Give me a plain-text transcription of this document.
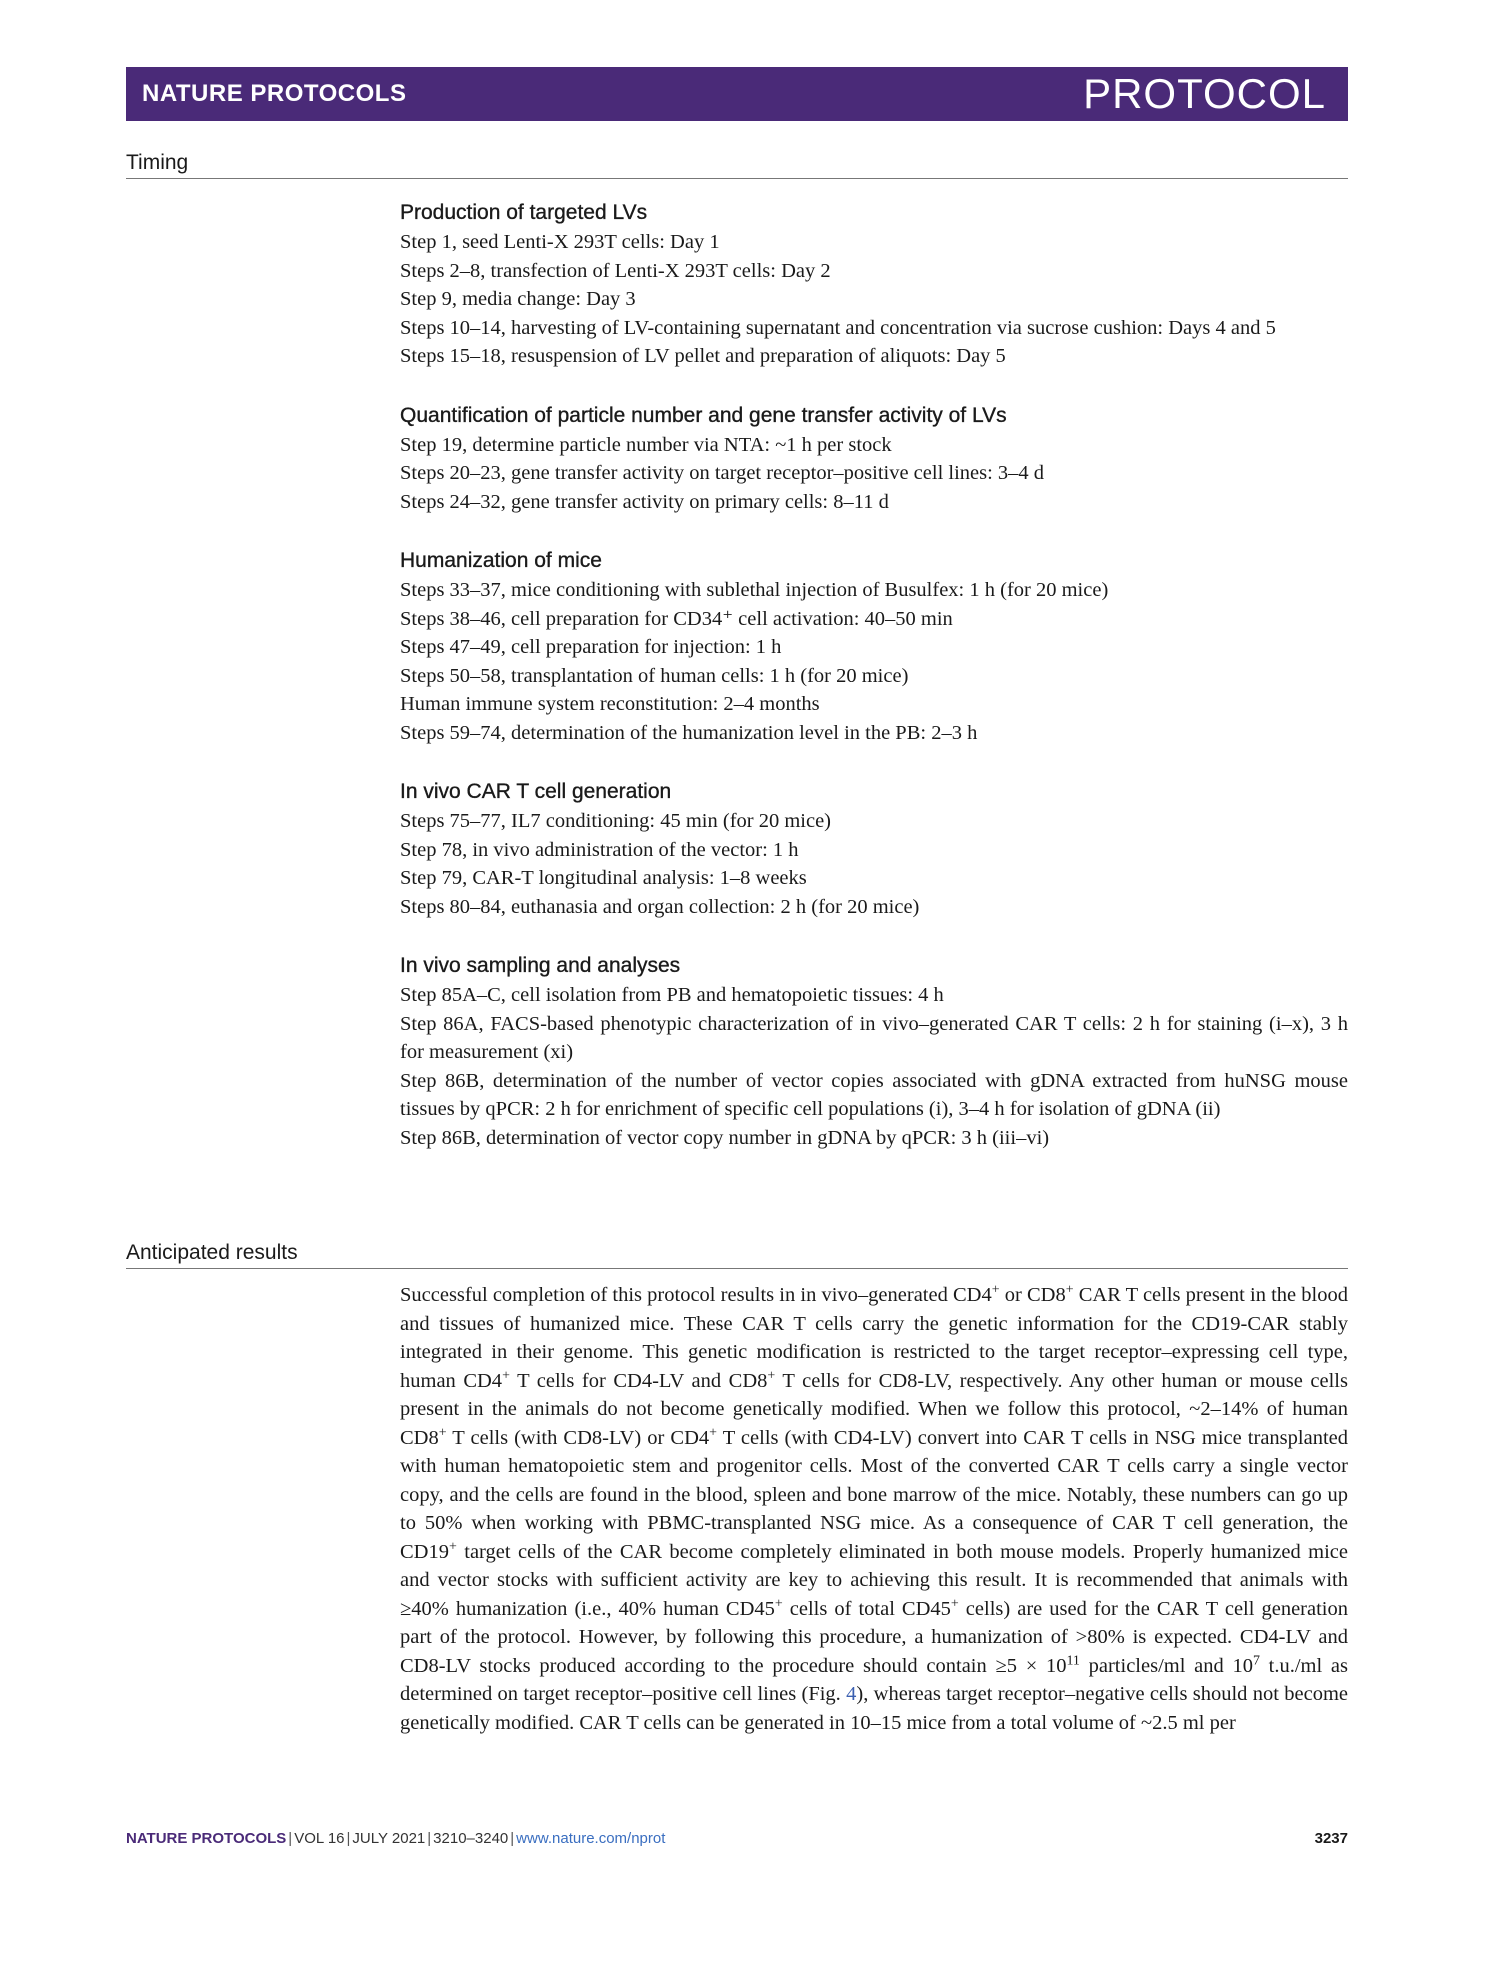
NATURE PROTOCOLS	PROTOCOL
Timing
Production of targeted LVs
Step 1, seed Lenti-X 293T cells: Day 1
Steps 2–8, transfection of Lenti-X 293T cells: Day 2
Step 9, media change: Day 3
Steps 10–14, harvesting of LV-containing supernatant and concentration via sucrose cushion: Days 4 and 5
Steps 15–18, resuspension of LV pellet and preparation of aliquots: Day 5
Quantification of particle number and gene transfer activity of LVs
Step 19, determine particle number via NTA: ~1 h per stock
Steps 20–23, gene transfer activity on target receptor–positive cell lines: 3–4 d
Steps 24–32, gene transfer activity on primary cells: 8–11 d
Humanization of mice
Steps 33–37, mice conditioning with sublethal injection of Busulfex: 1 h (for 20 mice)
Steps 38–46, cell preparation for CD34⁺ cell activation: 40–50 min
Steps 47–49, cell preparation for injection: 1 h
Steps 50–58, transplantation of human cells: 1 h (for 20 mice)
Human immune system reconstitution: 2–4 months
Steps 59–74, determination of the humanization level in the PB: 2–3 h
In vivo CAR T cell generation
Steps 75–77, IL7 conditioning: 45 min (for 20 mice)
Step 78, in vivo administration of the vector: 1 h
Step 79, CAR-T longitudinal analysis: 1–8 weeks
Steps 80–84, euthanasia and organ collection: 2 h (for 20 mice)
In vivo sampling and analyses
Step 85A–C, cell isolation from PB and hematopoietic tissues: 4 h
Step 86A, FACS-based phenotypic characterization of in vivo–generated CAR T cells: 2 h for staining (i–x), 3 h for measurement (xi)
Step 86B, determination of the number of vector copies associated with gDNA extracted from huNSG mouse tissues by qPCR: 2 h for enrichment of specific cell populations (i), 3–4 h for isolation of gDNA (ii)
Step 86B, determination of vector copy number in gDNA by qPCR: 3 h (iii–vi)
Anticipated results

Successful completion of this protocol results in in vivo–generated CD4+ or CD8+ CAR T cells present in the blood and tissues of humanized mice. These CAR T cells carry the genetic information for the CD19-CAR stably integrated in their genome. This genetic modification is restricted to the target receptor–expressing cell type, human CD4+ T cells for CD4-LV and CD8+ T cells for CD8-LV, respectively. Any other human or mouse cells present in the animals do not become genetically modified. When we follow this protocol, ~2–14% of human CD8+ T cells (with CD8-LV) or CD4+ T cells (with CD4-LV) convert into CAR T cells in NSG mice transplanted with human hematopoietic stem and progenitor cells. Most of the converted CAR T cells carry a single vector copy, and the cells are found in the blood, spleen and bone marrow of the mice. Notably, these numbers can go up to 50% when working with PBMC-transplanted NSG mice. As a consequence of CAR T cell generation, the CD19+ target cells of the CAR become completely eliminated in both mouse models. Properly humanized mice and vector stocks with sufficient activity are key to achieving this result. It is recommended that animals with ≥40% humanization (i.e., 40% human CD45+ cells of total CD45+ cells) are used for the CAR T cell generation part of the protocol. However, by following this procedure, a humanization of >80% is expected. CD4-LV and CD8-LV stocks produced according to the procedure should contain $\ge 5 \times 10^{11}$ particles/ml and $10^7$ t.u./ml as determined on target receptor–positive cell lines (Fig. 4), whereas target receptor–negative cells should not become genetically modified. CAR T cells can be generated in 10–15 mice from a total volume of ~2.5 ml per

NATURE PROTOCOLS | VOL 16 | JULY 2021 | 3210–3240 | www.nature.com/nprot	3237
